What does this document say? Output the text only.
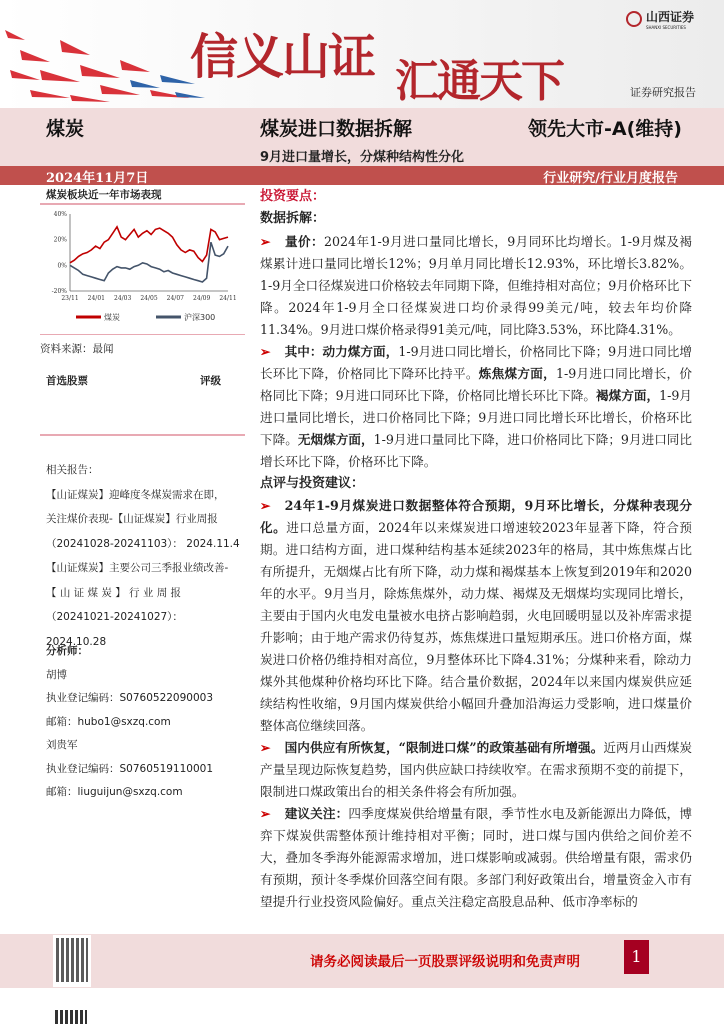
信义山证 汇通天下
山西证券
SHANXI SECURITIES
证券研究报告
煤炭	煤炭进口数据拆解	领先大市-A(维持)
9月进口量增长，分煤种结构性分化
2024年11月7日	行业研究/行业月度报告
煤炭板块近一年市场表现
40%
20%
0%
-20%
23/11 24/01 24/03 24/05 24/07 24/09 24/11
煤炭	沪深300
资料来源：最闻
首选股票	评级
相关报告：
【山证煤炭】迎峰度冬煤炭需求在即，
关注煤价表现-【山证煤炭】行业周报
（20241028-20241103）： 2024.11.4
【山证煤炭】主要公司三季报业绩改善-
【 山 证 煤 炭 】 行 业 周 报
（20241021-20241027）： 2024.10.28
分析师：
胡博
执业登记编码：S0760522090003
邮箱：hubo1@sxzq.com
刘贵军
执业登记编码：S0760519110001
邮箱：liuguijun@sxzq.com
投资要点：
数据拆解：

➢ 量价：2024年1-9月进口量同比增长，9月同环比均增长。1-9月煤及褐煤累计进口量同比增长12%；9月单月同比增长12.93%，环比增长3.82%。1-9月全口径煤炭进口价格较去年同期下降，但维持相对高位；9月价格环比下降。2024年1-9月全口径煤炭进口均价录得99美元/吨，较去年均价降11.34%。9月进口煤价格录得91美元/吨，同比降3.53%，环比降4.31%。

➢ 其中：动力煤方面，1-9月进口同比增长，价格同比下降；9月进口同比增长环比下降，价格同比下降环比持平。炼焦煤方面，1-9月进口同比增长，价格同比下降；9月进口同环比下降，价格同比增长环比下降。褐煤方面，1-9月进口量同比增长，进口价格同比下降；9月进口同比增长环比增长，价格环比下降。无烟煤方面，1-9月进口量同比下降，进口价格同比下降；9月进口同比增长环比下降，价格环比下降。

点评与投资建议：

➢ 24年1-9月煤炭进口数据整体符合预期，9月环比增长，分煤种表现分化。进口总量方面，2024年以来煤炭进口增速较2023年显著下降，符合预期。进口结构方面，进口煤种结构基本延续2023年的格局，其中炼焦煤占比有所提升，无烟煤占比有所下降，动力煤和褐煤基本上恢复到2019年和2020年的水平。9月当月，除炼焦煤外，动力煤、褐煤及无烟煤均实现同比增长，主要由于国内火电发电量被水电挤占影响趋弱，火电回暖明显以及补库需求提升影响；由于地产需求仍待复苏，炼焦煤进口量短期承压。进口价格方面，煤炭进口价格仍维持相对高位，9月整体环比下降4.31%；分煤种来看，除动力煤外其他煤种价格均环比下降。结合量价数据，2024年以来国内煤炭供应延续结构性收缩，9月国内煤炭供给小幅回升叠加沿海运力受影响，进口煤量价整体高位继续回落。

➢ 国内供应有所恢复，“限制进口煤”的政策基础有所增强。近两月山西煤炭产量呈现边际恢复趋势，国内供应缺口持续收窄。在需求预期不变的前提下，限制进口煤政策出台的相关条件将会有所加强。

➢ 建议关注：四季度煤炭供给增量有限，季节性水电及新能源出力降低，博弈下煤炭供需整体预计维持相对平衡；同时，进口煤与国内供给之间价差不大，叠加冬季海外能源需求增加，进口煤影响或减弱。供给增量有限，需求仍有预期，预计冬季煤价回落空间有限。多部门利好政策出台，增量资金入市有望提升行业投资风险偏好。重点关注稳定高股息品种、低市净率标的

请务必阅读最后一页股票评级说明和免责声明	1
